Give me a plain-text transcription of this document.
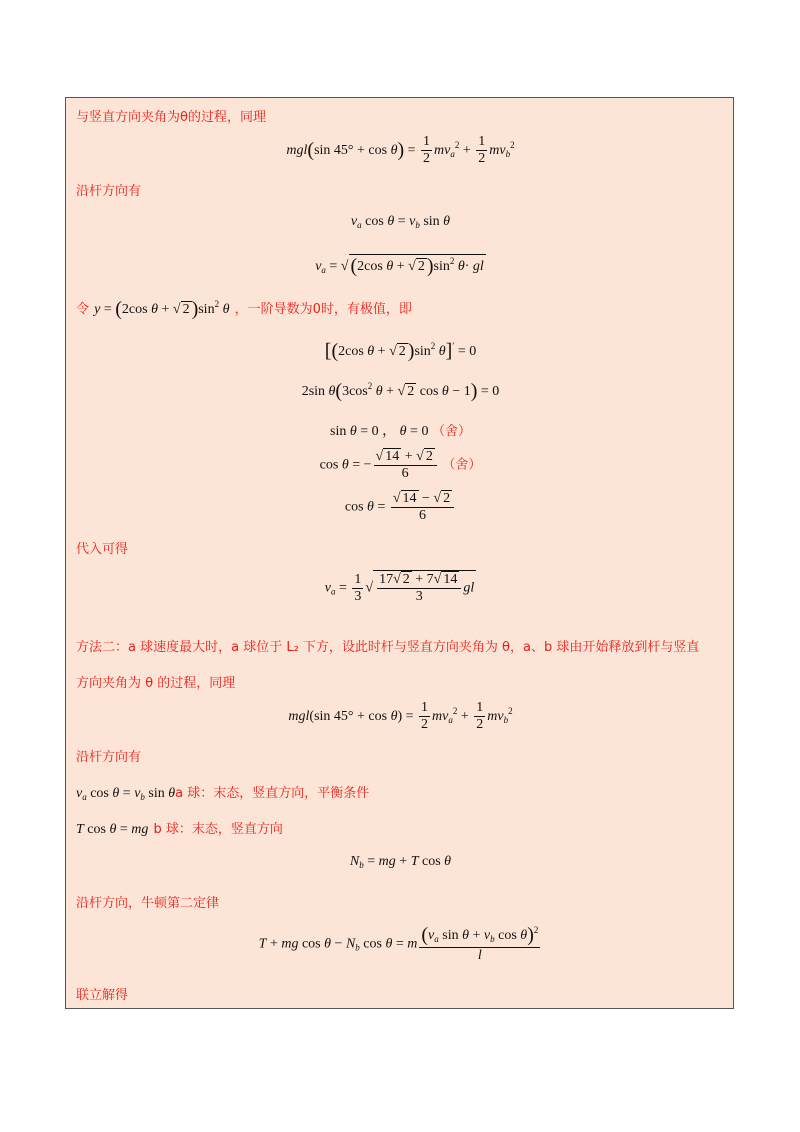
与竖直方向夹角为θ的过程，同理
mgl(sin $45^\circ + \cos \theta) = \frac{1}{2} mv_a^2 + \frac{1}{2} mv_b^2$
沿杆方向有
$v_a$ $\cos \theta = v_b$ sin θ
$v_a$ = √ (2cos θ + √ 2 )$\sin^2$ θ· gl
令 y = (2cos θ + √ 2 )$\sin^2$ θ ，一阶导数为0时，有极值，即
[(2cos θ + √ 2 )$\sin^2$ θ]′ = 0
2sin $\theta(3\cos^2$ θ + √ 2 cos θ − 1) = 0
sin θ = 0 ， θ = 0 （舍）
cos θ = − $\frac{√ 14 + √ 2}{6}$ （舍）
$\cos \theta = \frac{√ 14 - √ 2}{6}$
代入可得
$v_a = \frac{1}{3}$ √ $\frac{17√ 2 + 7√ 14}{3}$ gl
方法二：a 球速度最大时，a 球位于 L₂ 下方，设此时杆与竖直方向夹角为 θ，a、b 球由开始释放到杆与竖直
方向夹角为 θ 的过程，同理
mgl(sin $45^\circ + \cos \theta) = \frac{1}{2} mv_a^2 + \frac{1}{2} mv_b^2$
沿杆方向有
$v_a$ $\cos \theta = v_b$ sin θa 球：末态，竖直方向，平衡条件
T cos θ = mg b 球：末态，竖直方向
$N_b$ = mg + T cos θ
沿杆方向，牛顿第二定律
T + mg $\cos \theta - N_b$ cos θ = m $\frac{(v_a \sin \theta + v_b \cos \theta)^2}{l}$
联立解得
